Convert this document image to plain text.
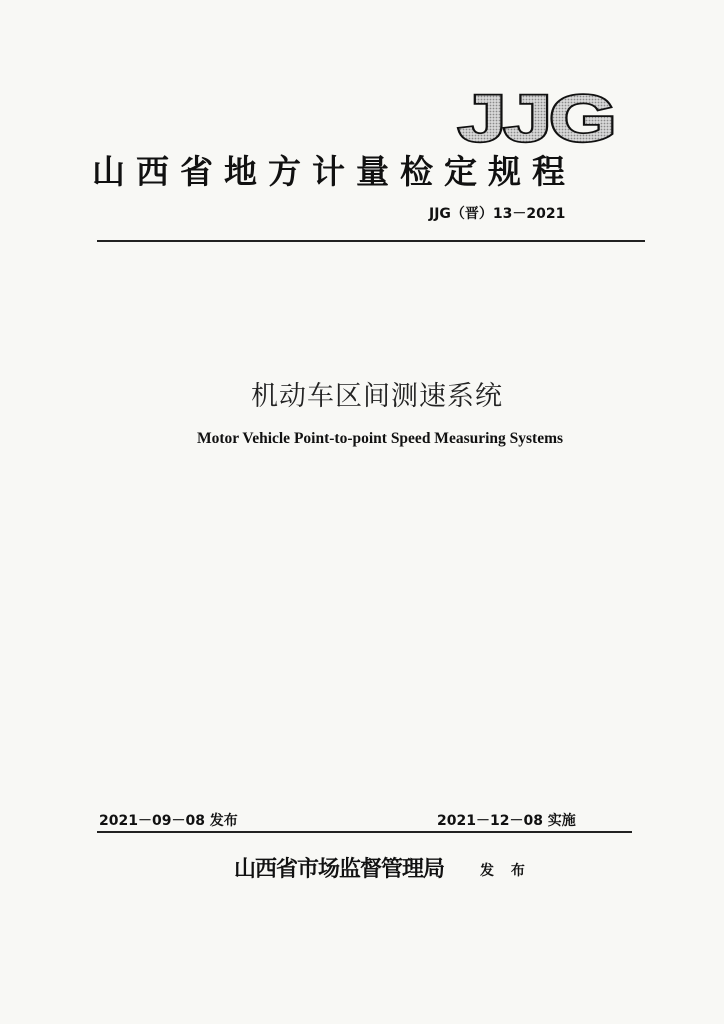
JJG
山西省地方计量检定规程
JJG（晋）13－2021
机动车区间测速系统
Motor Vehicle Point-to-point Speed Measuring Systems
2021－09－08 发布	2021－12－08 实施
山西省市场监督管理局	发 布
